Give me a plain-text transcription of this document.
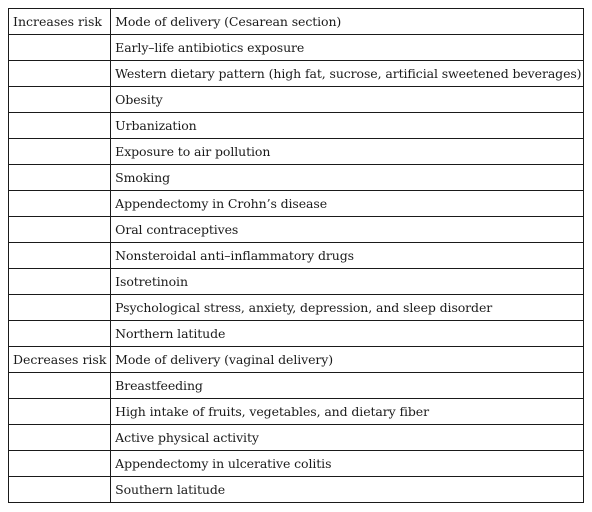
Increases risk	Mode of delivery (Cesarean section)
	Early–life antibiotics exposure
	Western dietary pattern (high fat, sucrose, artificial sweetened beverages)
	Obesity
	Urbanization
	Exposure to air pollution
	Smoking
	Appendectomy in Crohn’s disease
	Oral contraceptives
	Nonsteroidal anti–inflammatory drugs
	Isotretinoin
	Psychological stress, anxiety, depression, and sleep disorder
	Northern latitude
Decreases risk	Mode of delivery (vaginal delivery)
	Breastfeeding
	High intake of fruits, vegetables, and dietary fiber
	Active physical activity
	Appendectomy in ulcerative colitis
	Southern latitude
